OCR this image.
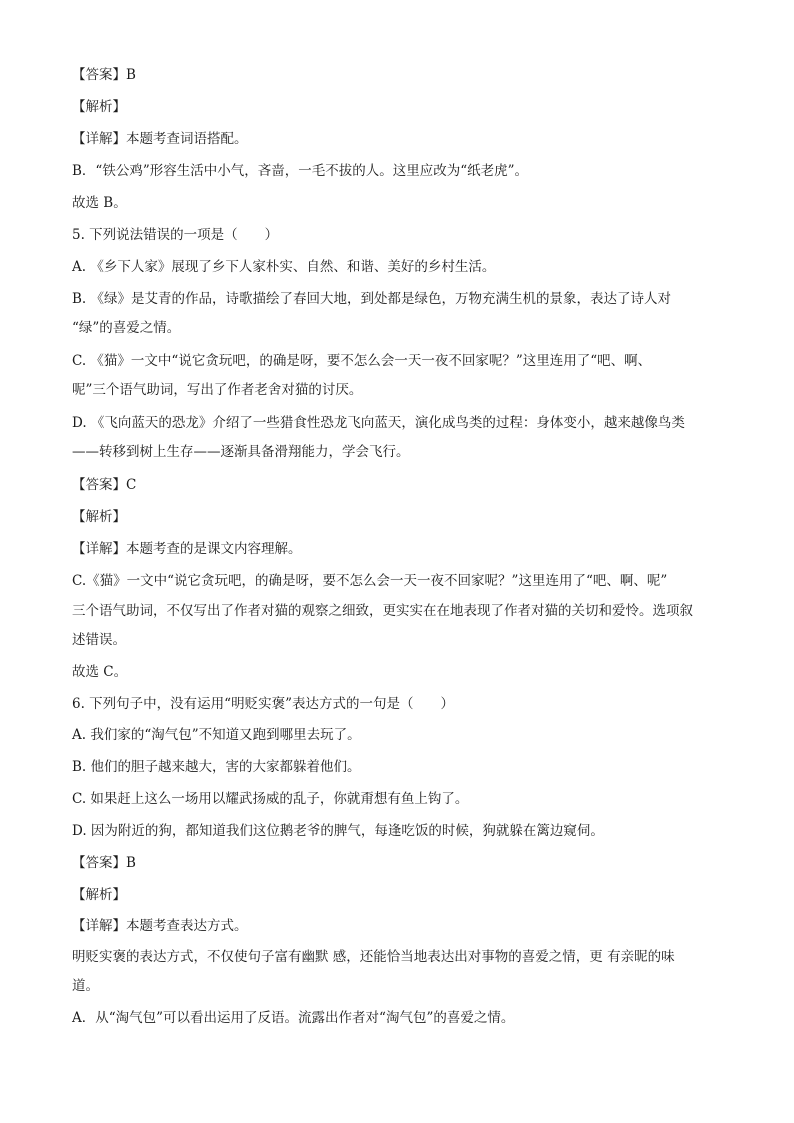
【答案】B
【解析】
【详解】本题考查词语搭配。
B．“铁公鸡”形容生活中小气，吝啬，一毛不拔的人。这里应改为“纸老虎”。
故选 B。
5. 下列说法错误的一项是（　　）
A. 《乡下人家》展现了乡下人家朴实、自然、和谐、美好的乡村生活。
B. 《绿》是艾青的作品，诗歌描绘了春回大地，到处都是绿色，万物充满生机的景象，表达了诗人对
“绿”的喜爱之情。
C. 《猫》一文中“说它贪玩吧，的确是呀，要不怎么会一天一夜不回家呢？”这里连用了“吧、啊、
呢”三个语气助词，写出了作者老舍对猫的讨厌。
D. 《飞向蓝天的恐龙》介绍了一些猎食性恐龙飞向蓝天，演化成鸟类的过程：身体变小，越来越像鸟类
——转移到树上生存——逐渐具备滑翔能力，学会飞行。
【答案】C
【解析】
【详解】本题考查的是课文内容理解。
C.《猫》一文中“说它贪玩吧，的确是呀，要不怎么会一天一夜不回家呢？”这里连用了“吧、啊、呢”
三个语气助词，不仅写出了作者对猫的观察之细致，更实实在在地表现了作者对猫的关切和爱怜。选项叙
述错误。
故选 C。
6. 下列句子中，没有运用“明贬实褒”表达方式的一句是（　　）
A. 我们家的“淘气包”不知道又跑到哪里去玩了。
B. 他们的胆子越来越大，害的大家都躲着他们。
C. 如果赶上这么一场用以耀武扬威的乱子，你就甭想有鱼上钩了。
D. 因为附近的狗，都知道我们这位鹅老爷的脾气，每逢吃饭的时候，狗就躲在篱边窥伺。
【答案】B
【解析】
【详解】本题考查表达方式。
明贬实褒的表达方式，不仅使句子富有幽默 感，还能恰当地表达出对事物的喜爱之情，更 有亲昵的味
道。
A．从“淘气包”可以看出运用了反语。流露出作者对“淘气包”的喜爱之情。
